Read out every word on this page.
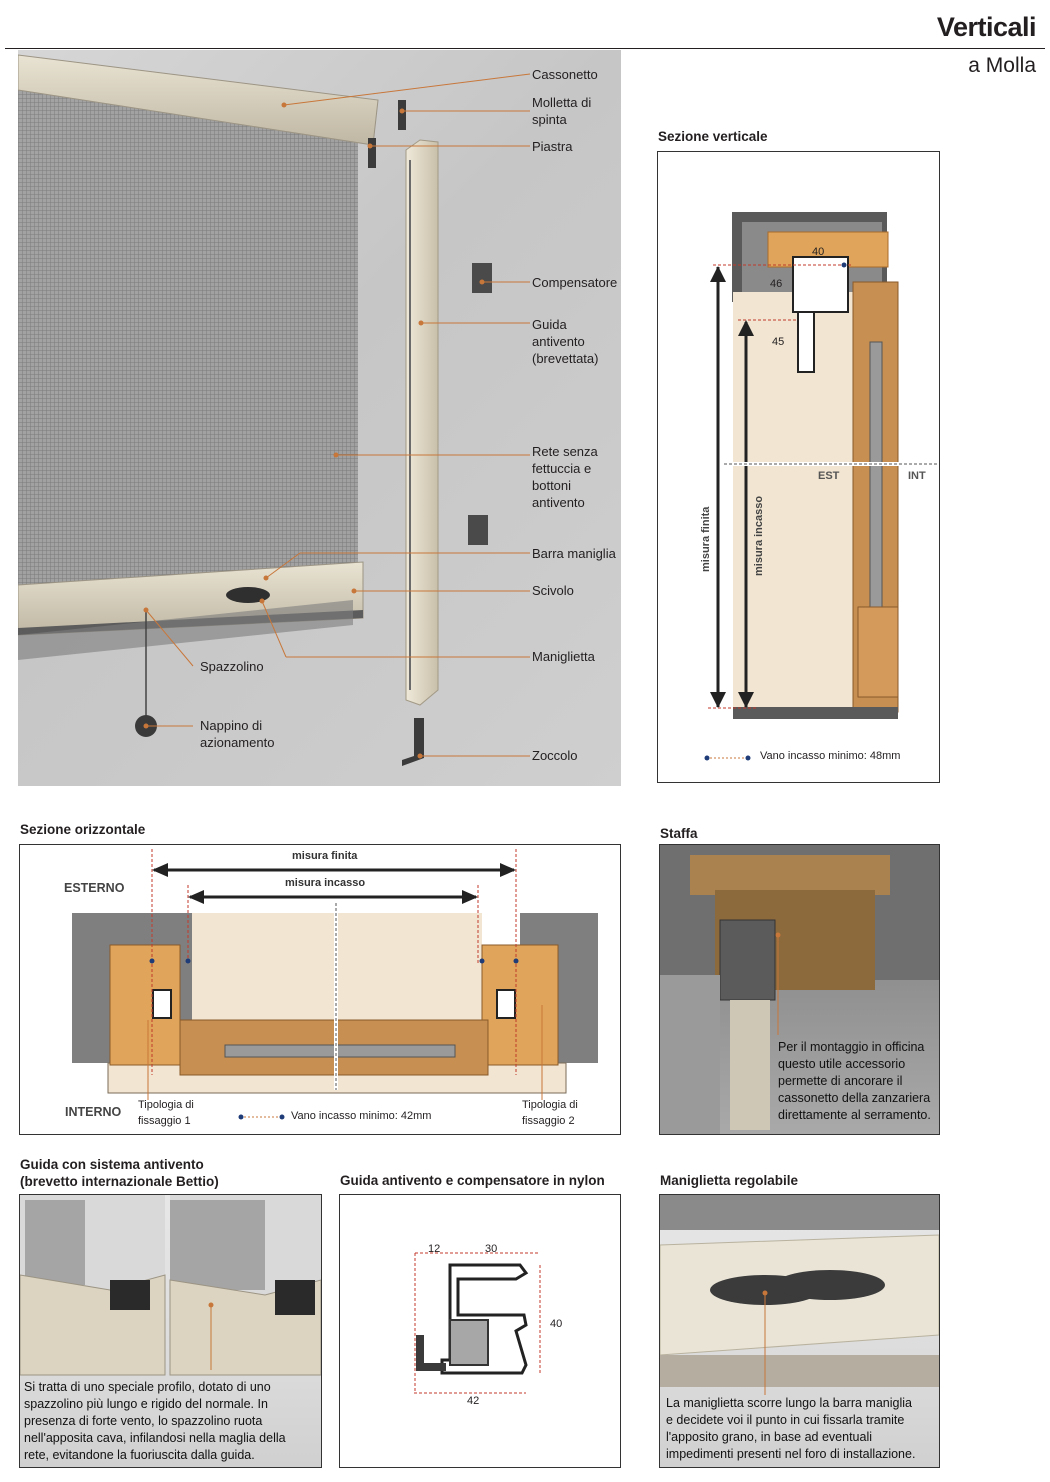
Verticali
a Molla
Cassonetto
Molletta di
spinta
Piastra
Compensatore
Guida
antivento
(brevettata)
Rete senza
fettuccia e
bottoni
antivento
Barra maniglia
Scivolo
Maniglietta
Zoccolo
Spazzolino
Nappino di
azionamento
Sezione verticale
40
46
45
EST	INT
misura finita	misura incasso
Vano incasso minimo: 48mm
Sezione orizzontale
misura finita
misura incasso
ESTERNO
INTERNO Tipologia di
fissaggio 1
Tipologia di
fissaggio 2
Vano incasso minimo: 42mm
Staffa
Per il montaggio in officina
questo utile accessorio
permette di ancorare il
cassonetto della zanzariera
direttamente al serramento.
Guida con sistema antivento
(brevetto internazionale Bettio)
Si tratta di uno speciale profilo, dotato di uno
spazzolino più lungo e rigido del normale. In
presenza di forte vento, lo spazzolino ruota
nell'apposita cava, infilandosi nella maglia della
rete, evitandone la fuoriuscita dalla guida.
Guida antivento e compensatore in nylon
12	30
40
42
Maniglietta regolabile
La maniglietta scorre lungo la barra maniglia
e decidete voi il punto in cui fissarla tramite
l'apposito grano, in base ad eventuali
impedimenti presenti nel foro di installazione.
